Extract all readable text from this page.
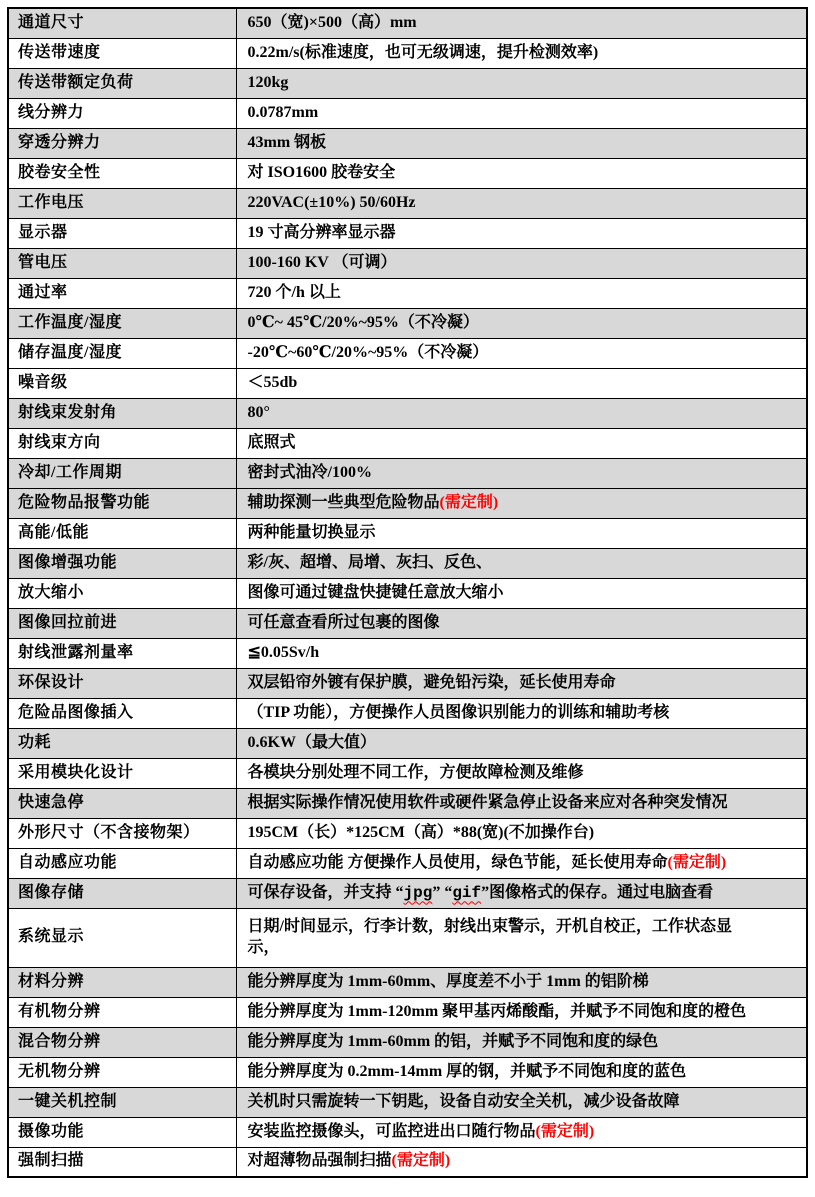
通道尺寸	650（宽)×500（高）mm
传送带速度	0.22m/s(标准速度，也可无级调速，提升检测效率)
传送带额定负荷	120kg
线分辨力	0.0787mm
穿透分辨力	43mm 钢板
胶卷安全性	对 ISO1600 胶卷安全
工作电压	220VAC(±10%) 50/60Hz
显示器	19 寸高分辨率显示器
管电压	100-160 KV （可调）
通过率	720 个/h 以上
工作温度/湿度	0℃~ 45℃/20%~95%（不冷凝）
储存温度/湿度	-20℃~60℃/20%~95%（不冷凝）
噪音级	＜55db
射线束发射角	80°
射线束方向	底照式
冷却/工作周期	密封式油冷/100%
危险物品报警功能	辅助探测一些典型危险物品(需定制)
高能/低能	两种能量切换显示
图像增强功能	彩/灰、超增、局增、灰扫、反色、
放大缩小	图像可通过键盘快捷键任意放大缩小
图像回拉前进	可任意查看所过包裹的图像
射线泄露剂量率	≦0.05Sv/h
环保设计	双层铅帘外镀有保护膜，避免铅污染，延长使用寿命
危险品图像插入	（TIP 功能），方便操作人员图像识别能力的训练和辅助考核
功耗	0.6KW（最大值）
采用模块化设计	各模块分别处理不同工作，方便故障检测及维修
快速急停	根据实际操作情况使用软件或硬件紧急停止设备来应对各种突发情况
外形尺寸（不含接物架）	195CM（长）*125CM（高）*88(宽)(不加操作台)
自动感应功能	自动感应功能 方便操作人员使用，绿色节能，延长使用寿命(需定制)
图像存储	可保存设备，并支持 “jpg” “gif”图像格式的保存。通过电脑查看
系统显示	日期/时间显示，行李计数，射线出束警示，开机自校正，工作状态显
示，
材料分辨	能分辨厚度为 1mm-60mm、厚度差不小于 1mm 的铝阶梯
有机物分辨	能分辨厚度为 1mm-120mm 聚甲基丙烯酸酯，并赋予不同饱和度的橙色
混合物分辨	能分辨厚度为 1mm-60mm 的铝，并赋予不同饱和度的绿色
无机物分辨	能分辨厚度为 0.2mm-14mm 厚的钢，并赋予不同饱和度的蓝色
一键关机控制	关机时只需旋转一下钥匙，设备自动安全关机，减少设备故障
摄像功能	安装监控摄像头，可监控进出口随行物品(需定制)
强制扫描	对超薄物品强制扫描(需定制)
